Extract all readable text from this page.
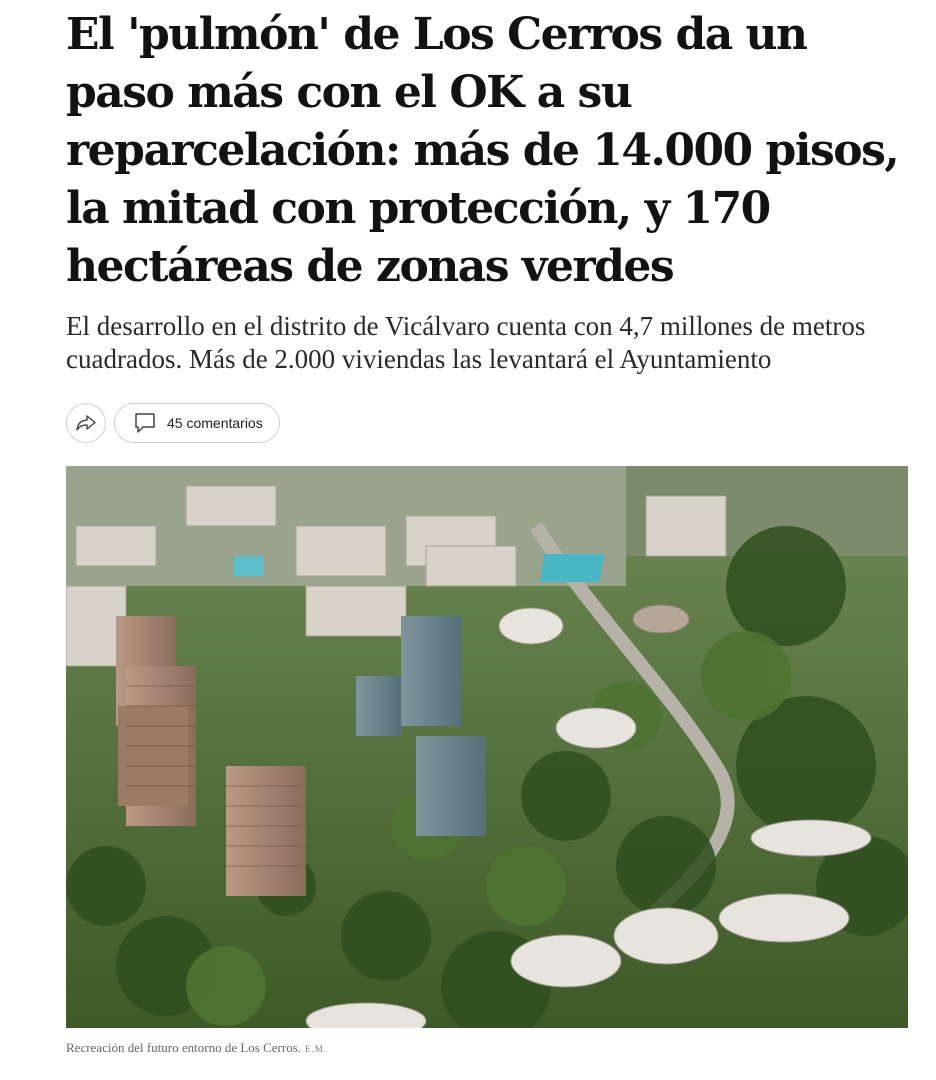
El 'pulmón' de Los Cerros da un paso más con el OK a su reparcelación: más de 14.000 pisos, la mitad con protección, y 170 hectáreas de zonas verdes

El desarrollo en el distrito de Vicálvaro cuenta con 4,7 millones de metros cuadrados. Más de 2.000 viviendas las levantará el Ayuntamiento

45 comentarios
Recreación del futuro entorno de Los Cerros. E.M.
